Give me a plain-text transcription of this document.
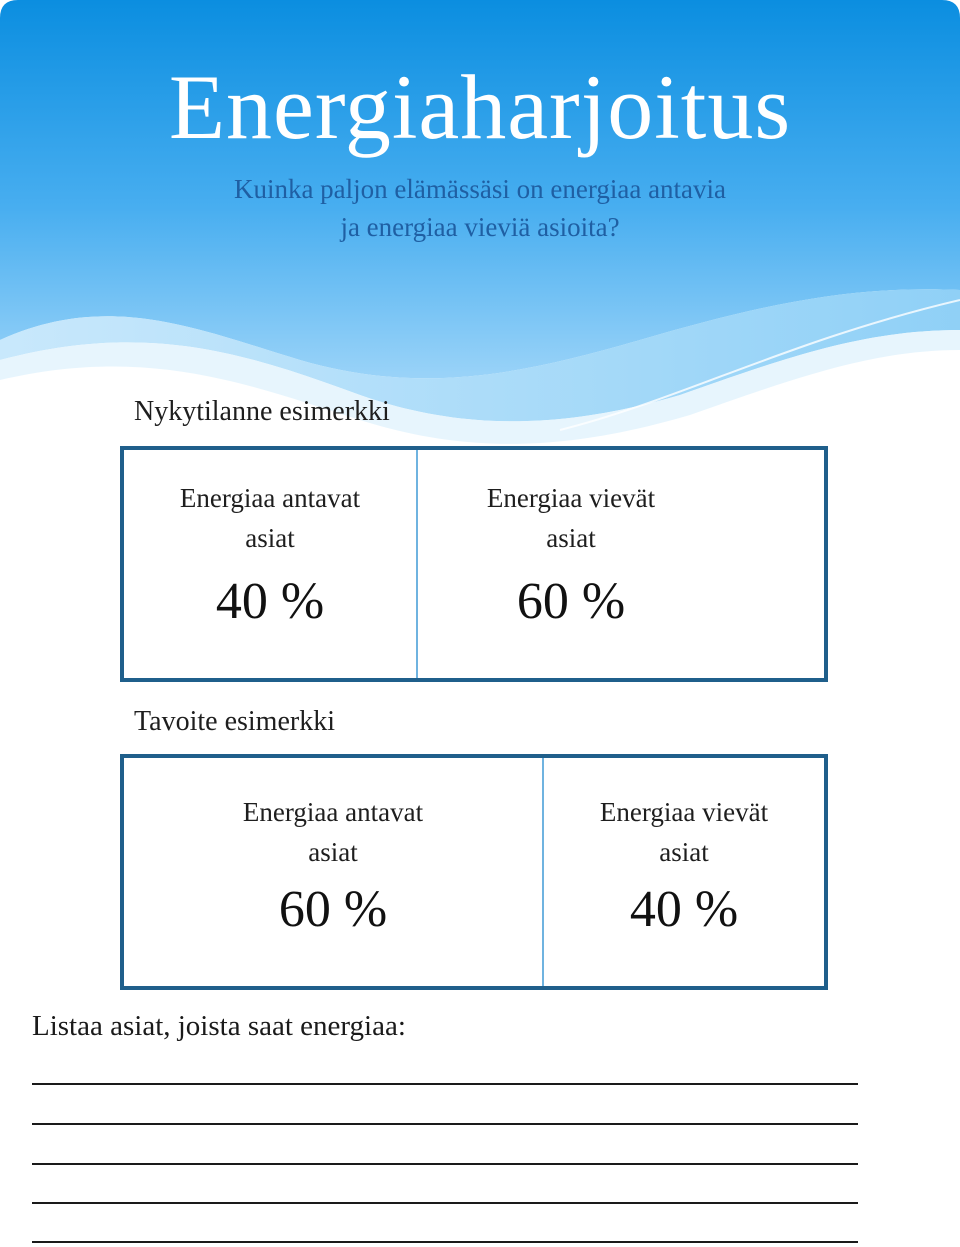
Energiaharjoitus
Kuinka paljon elämässäsi on energiaa antavia
ja energiaa vieviä asioita?
Nykytilanne esimerkki
Energiaa antavat
asiat
40 %
Energiaa vievät
asiat
60 %
Tavoite esimerkki
Energiaa antavat
asiat
60 %
Energiaa vievät
asiat
40 %
Listaa asiat, joista saat energiaa:
